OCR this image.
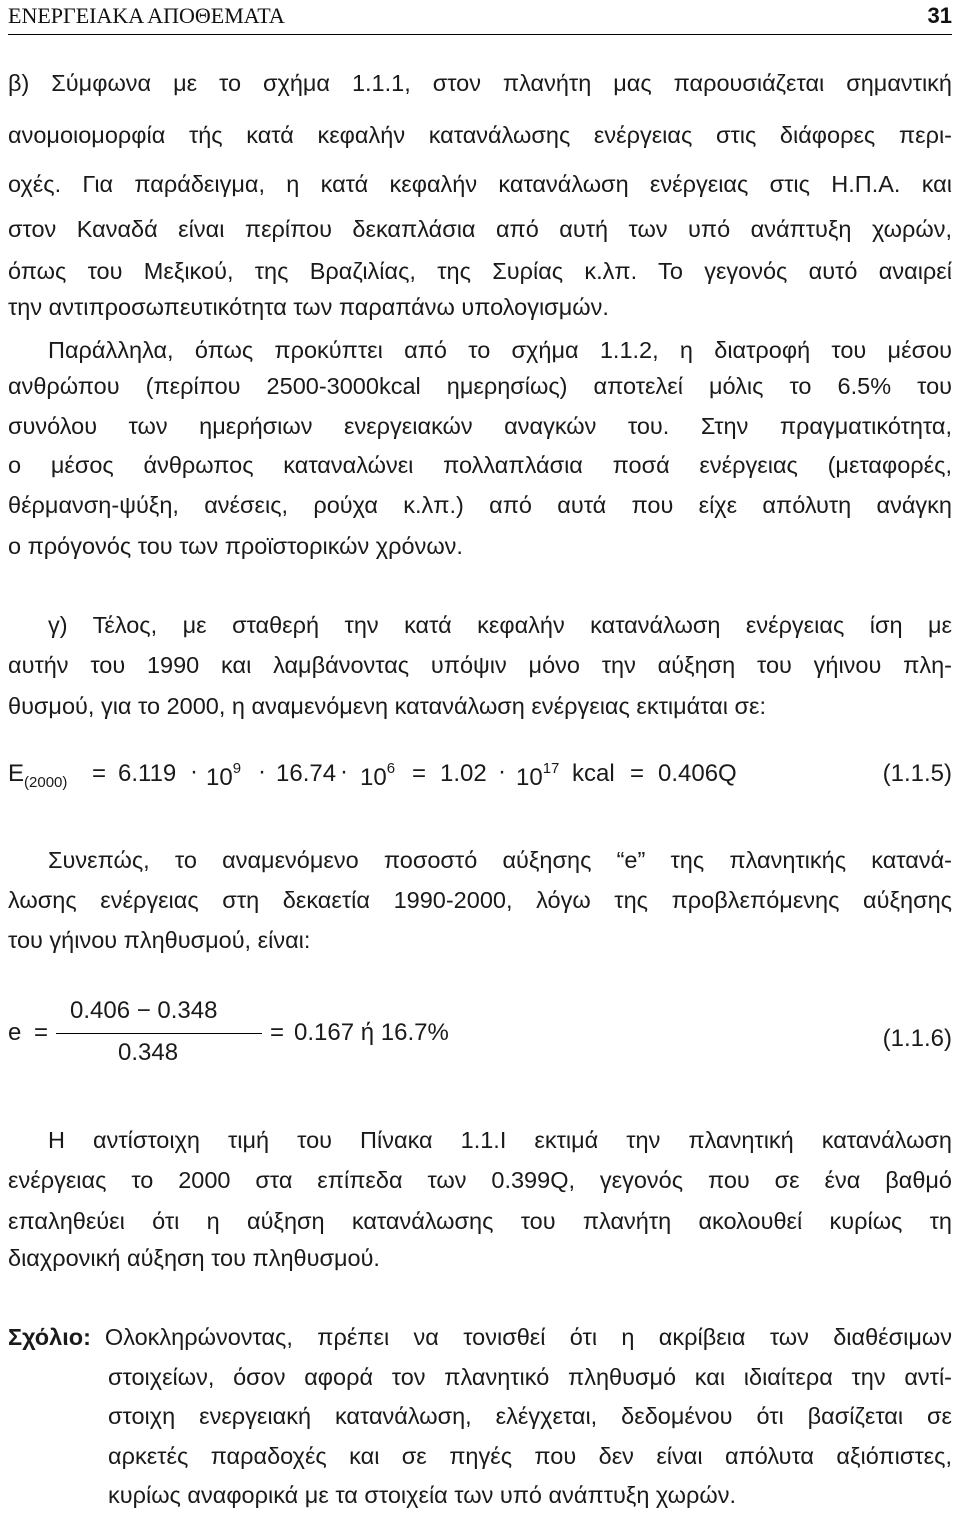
ΕΝΕΡΓΕΙΑΚΑ ΑΠΟΘΕΜΑΤΑ	31
β) Σύμφωνα με το σχήμα 1.1.1, στον πλανήτη μας παρουσιάζεται σημαντική
ανομοιομορφία τής κατά κεφαλήν κατανάλωσης ενέργειας στις διάφορες περι-
οχές. Για παράδειγμα, η κατά κεφαλήν κατανάλωση ενέργειας στις Η.Π.Α. και
στον Καναδά είναι περίπου δεκαπλάσια από αυτή των υπό ανάπτυξη χωρών,
όπως του Μεξικού, της Βραζιλίας, της Συρίας κ.λπ. Το γεγονός αυτό αναιρεί
την αντιπροσωπευτικότητα των παραπάνω υπολογισμών.
Παράλληλα, όπως προκύπτει από το σχήμα 1.1.2, η διατροφή του μέσου
ανθρώπου (περίπου 2500-3000kcal ημερησίως) αποτελεί μόλις το 6.5% του
συνόλου των ημερήσιων ενεργειακών αναγκών του. Στην πραγματικότητα,
ο μέσος άνθρωπος καταναλώνει πολλαπλάσια ποσά ενέργειας (μεταφορές,
θέρμανση-ψύξη, ανέσεις, ρούχα κ.λπ.) από αυτά που είχε απόλυτη ανάγκη
ο πρόγονός του των προϊστορικών χρόνων.
γ) Τέλος, με σταθερή την κατά κεφαλήν κατανάλωση ενέργειας ίση με
αυτήν του 1990 και λαμβάνοντας υπόψιν μόνο την αύξηση του γήινου πλη-
θυσμού, για το 2000, η αναμενόμενη κατανάλωση ενέργειας εκτιμάται σε:
$E_{(2000)} = 6.119 \cdot 10^9 \cdot 16.74 \cdot 10^6 = 1.02 \cdot 10^{17}$ kcal = 0.406Q	(1.1.5)
Συνεπώς, το αναμενόμενο ποσοστό αύξησης “e” της πλανητικής κατανά-
λωσης ενέργειας στη δεκαετία 1990-2000, λόγω της προβλεπόμενης αύξησης
του γήινου πληθυσμού, είναι:
e =
0.406 − 0.348
0.348
= 0.167 ή 16.7%	(1.1.6)
Η αντίστοιχη τιμή του Πίνακα 1.1.Ι εκτιμά την πλανητική κατανάλωση
ενέργειας το 2000 στα επίπεδα των 0.399Q, γεγονός που σε ένα βαθμό
επαληθεύει ότι η αύξηση κατανάλωσης του πλανήτη ακολουθεί κυρίως τη
διαχρονική αύξηση του πληθυσμού.
Σχόλιο: Ολοκληρώνοντας, πρέπει να τονισθεί ότι η ακρίβεια των διαθέσιμων
στοιχείων, όσον αφορά τον πλανητικό πληθυσμό και ιδιαίτερα την αντί-
στοιχη ενεργειακή κατανάλωση, ελέγχεται, δεδομένου ότι βασίζεται σε
αρκετές παραδοχές και σε πηγές που δεν είναι απόλυτα αξιόπιστες,
κυρίως αναφορικά με τα στοιχεία των υπό ανάπτυξη χωρών.
